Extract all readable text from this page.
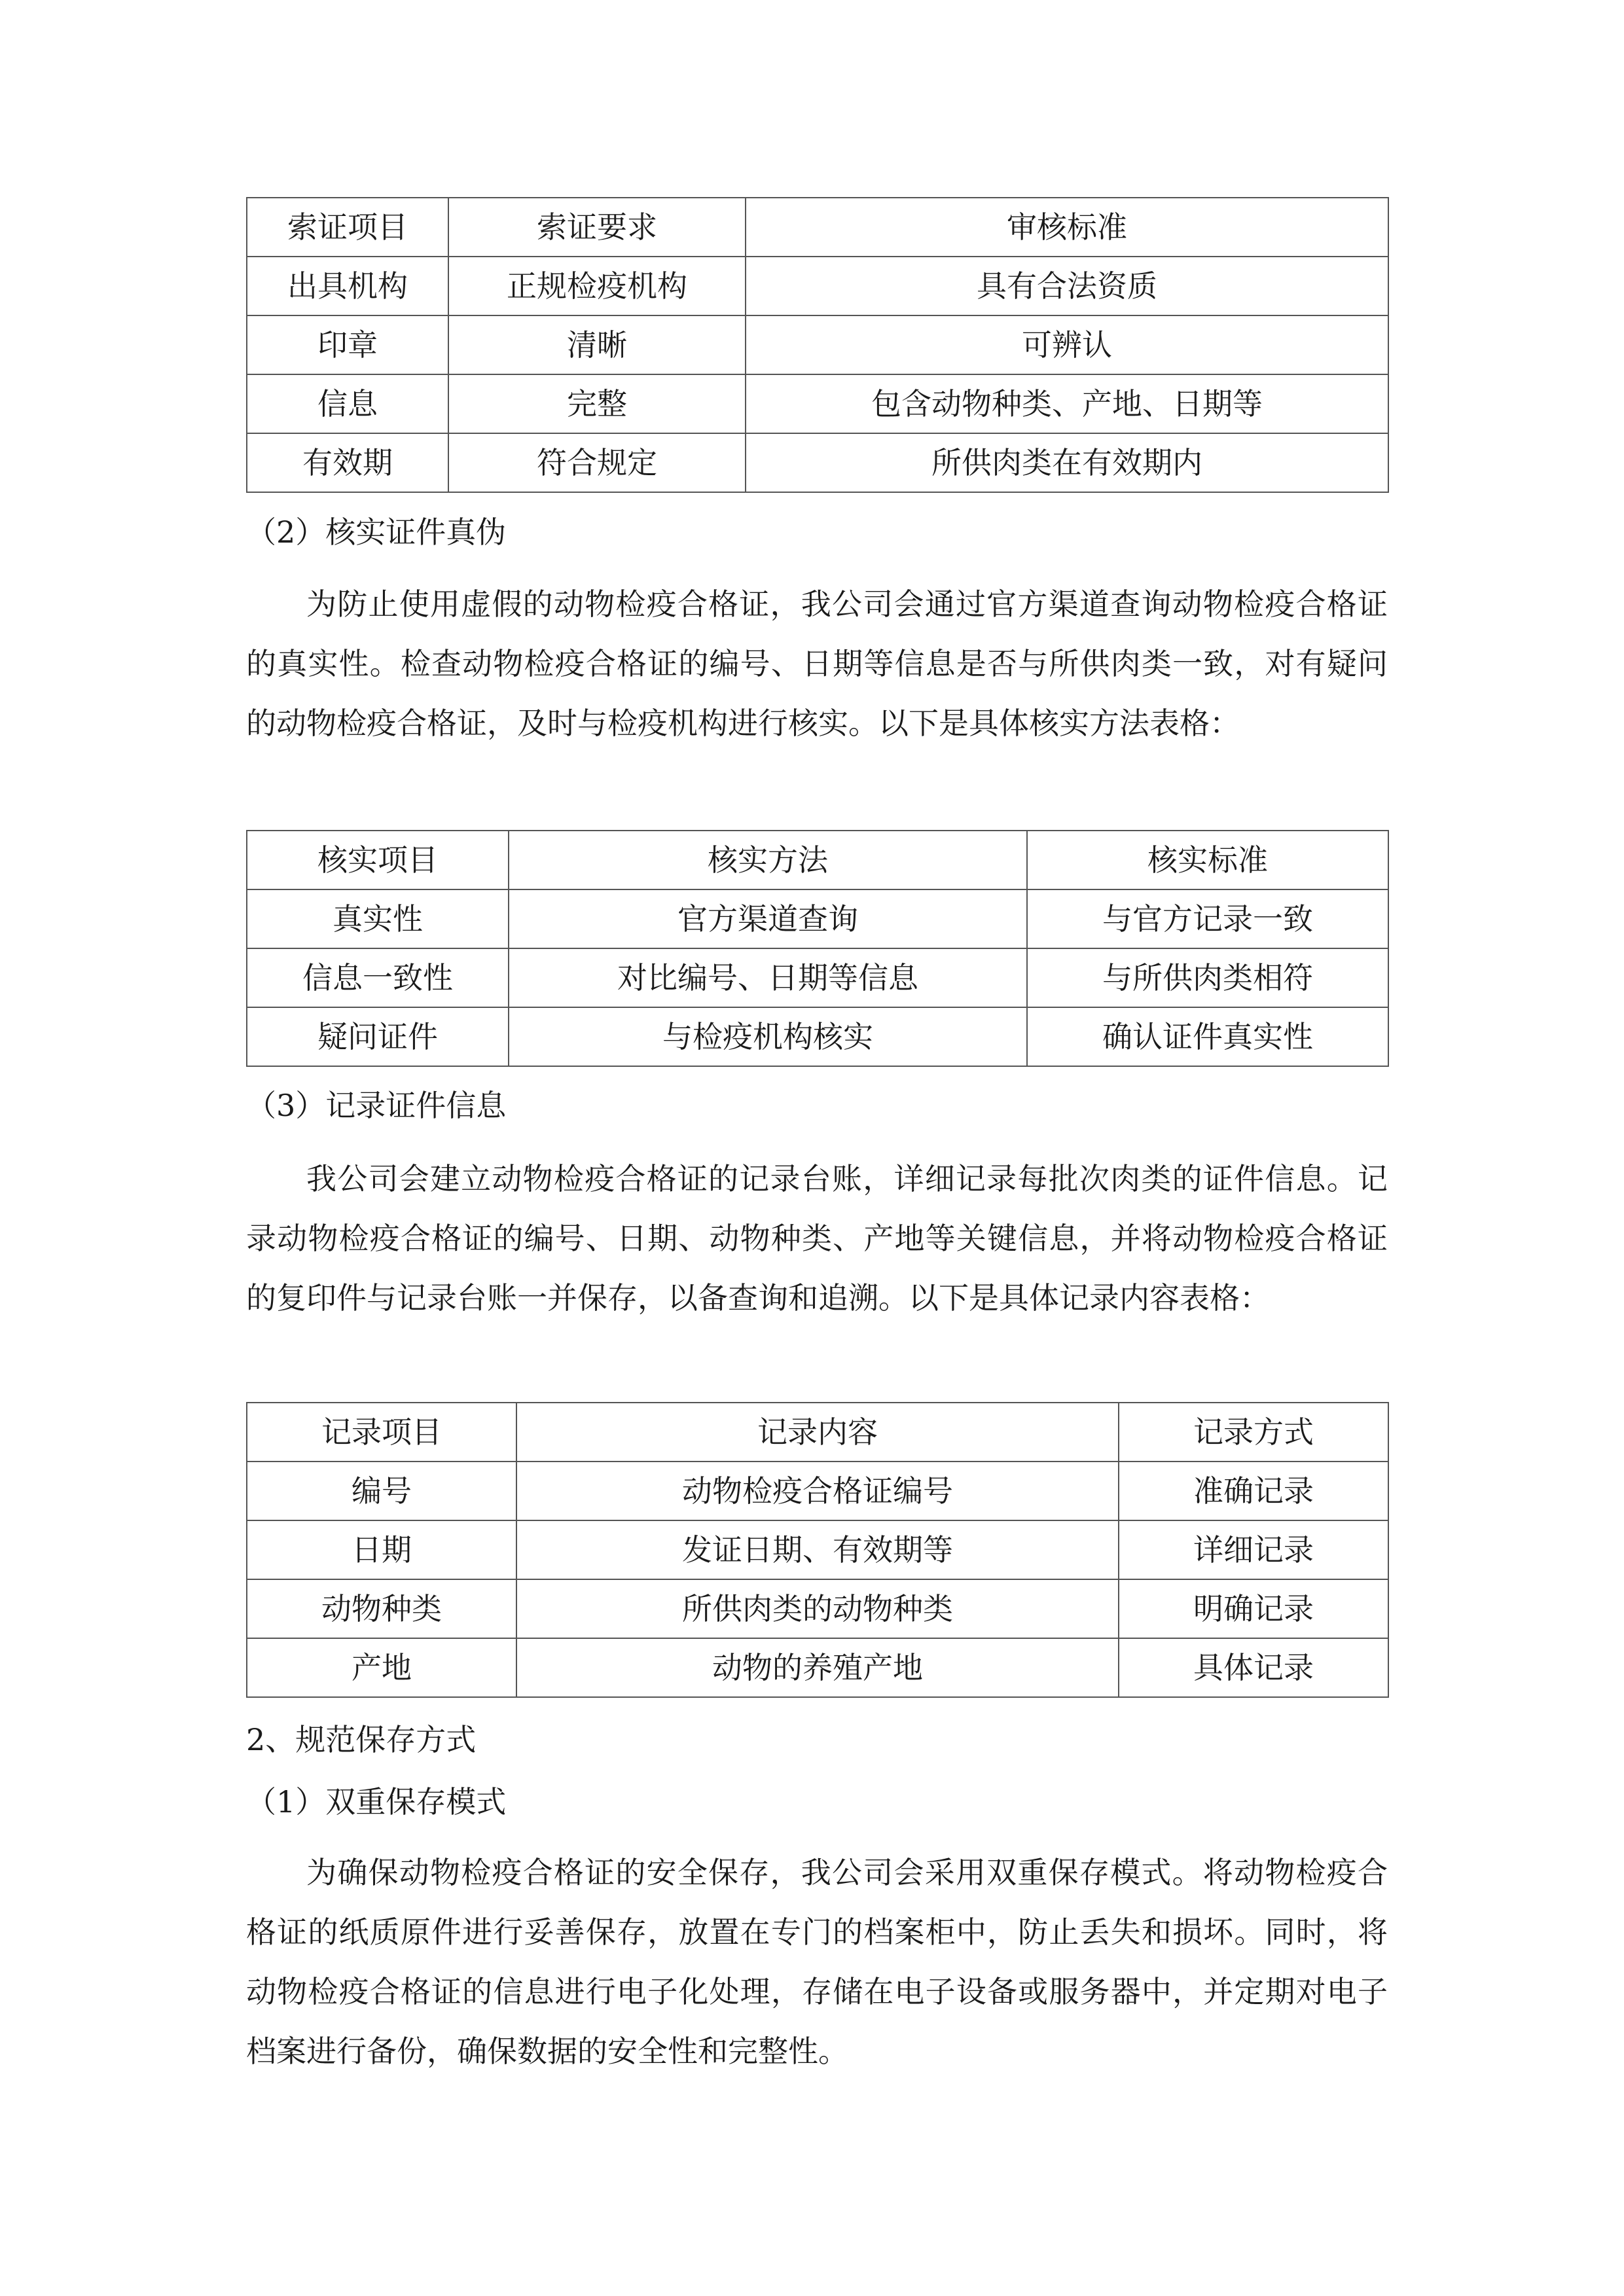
索证项目	索证要求	审核标准
出具机构	正规检疫机构	具有合法资质
印章	清晰	可辨认
信息	完整	包含动物种类、产地、日期等
有效期	符合规定	所供肉类在有效期内
（2）核实证件真伪

为防止使用虚假的动物检疫合格证，我公司会通过官方渠道查询动物检疫合格证的真实性。检查动物检疫合格证的编号、日期等信息是否与所供肉类一致，对有疑问的动物检疫合格证，及时与检疫机构进行核实。以下是具体核实方法表格：

核实项目	核实方法	核实标准
真实性	官方渠道查询	与官方记录一致
信息一致性	对比编号、日期等信息	与所供肉类相符
疑问证件	与检疫机构核实	确认证件真实性
（3）记录证件信息

我公司会建立动物检疫合格证的记录台账，详细记录每批次肉类的证件信息。记录动物检疫合格证的编号、日期、动物种类、产地等关键信息，并将动物检疫合格证的复印件与记录台账一并保存，以备查询和追溯。以下是具体记录内容表格：

记录项目	记录内容	记录方式
编号	动物检疫合格证编号	准确记录
日期	发证日期、有效期等	详细记录
动物种类	所供肉类的动物种类	明确记录
产地	动物的养殖产地	具体记录
2、规范保存方式
（1）双重保存模式

为确保动物检疫合格证的安全保存，我公司会采用双重保存模式。将动物检疫合格证的纸质原件进行妥善保存，放置在专门的档案柜中，防止丢失和损坏。同时，将动物检疫合格证的信息进行电子化处理，存储在电子设备或服务器中，并定期对电子档案进行备份，确保数据的安全性和完整性。
